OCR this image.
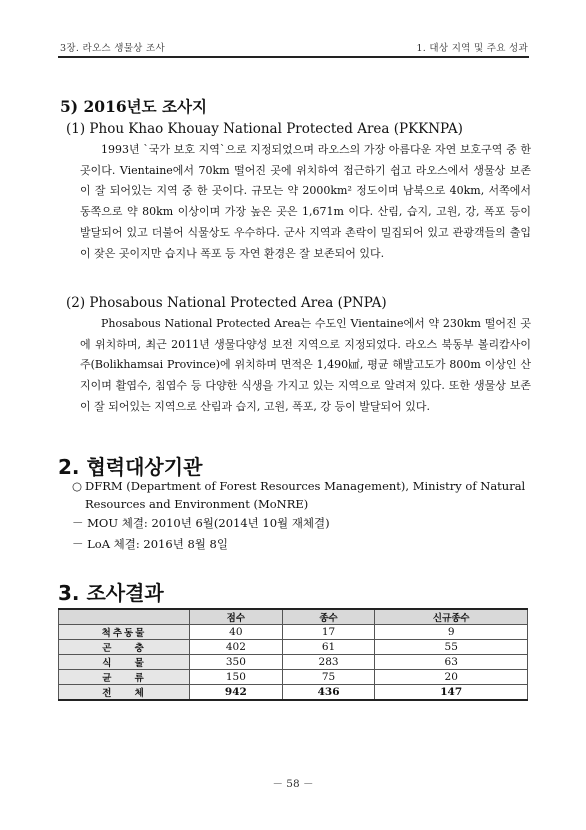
3장. 라오스 생물상 조사	1. 대상 지역 및 주요 성과
5) 2016년도 조사지
(1) Phou Khao Khouay National Protected Area (PKKNPA)
1993년 `국가 보호 지역`으로 지정되었으며 라오스의 가장 아름다운 자연 보호구역 중 한곳이다. Vientaine에서 70km 떨어진 곳에 위치하여 접근하기 쉽고 라오스에서 생물상 보존이 잘 되어있는 지역 중 한 곳이다. 규모는 약 2000km² 정도이며 남북으로 40km, 서쪽에서 동쪽으로 약 80km 이상이며 가장 높은 곳은 1,671m 이다. 산림, 습지, 고원, 강, 폭포 등이 발달되어 있고 더불어 식물상도 우수하다. 군사 지역과 촌락이 밀집되어 있고 관광객들의 출입이 잦은 곳이지만 습지나 폭포 등 자연 환경은 잘 보존되어 있다.
(2) Phosabous National Protected Area (PNPA)
Phosabous National Protected Area는 수도인 Vientaine에서 약 230km 떨어진 곳에 위치하며, 최근 2011년 생물다양성 보전 지역으로 지정되었다. 라오스 북동부 볼리캄사이주(Bolikhamsai Province)에 위치하며 면적은 1,490㎢, 평균 해발고도가 800m 이상인 산지이며 활엽수, 침엽수 등 다양한 식생을 가지고 있는 지역으로 알려져 있다. 또한 생물상 보존이 잘 되어있는 지역으로 산림과 습지, 고원, 폭포, 강 등이 발달되어 있다.
2. 협력대상기관
○ DFRM (Department of Forest Resources Management), Ministry of Natural
Resources and Environment (MoNRE)
－ MOU 체결: 2010년 6월(2014년 10월 재체결)
－ LoA 체결: 2016년 8월 8일
3. 조사결과
	점수	종수	신규종수
척추동물	40	17	9
곤    충	402	61	55
식    물	350	283	63
균    류	150	75	20
전    체	942	436	147
－ 58 －
